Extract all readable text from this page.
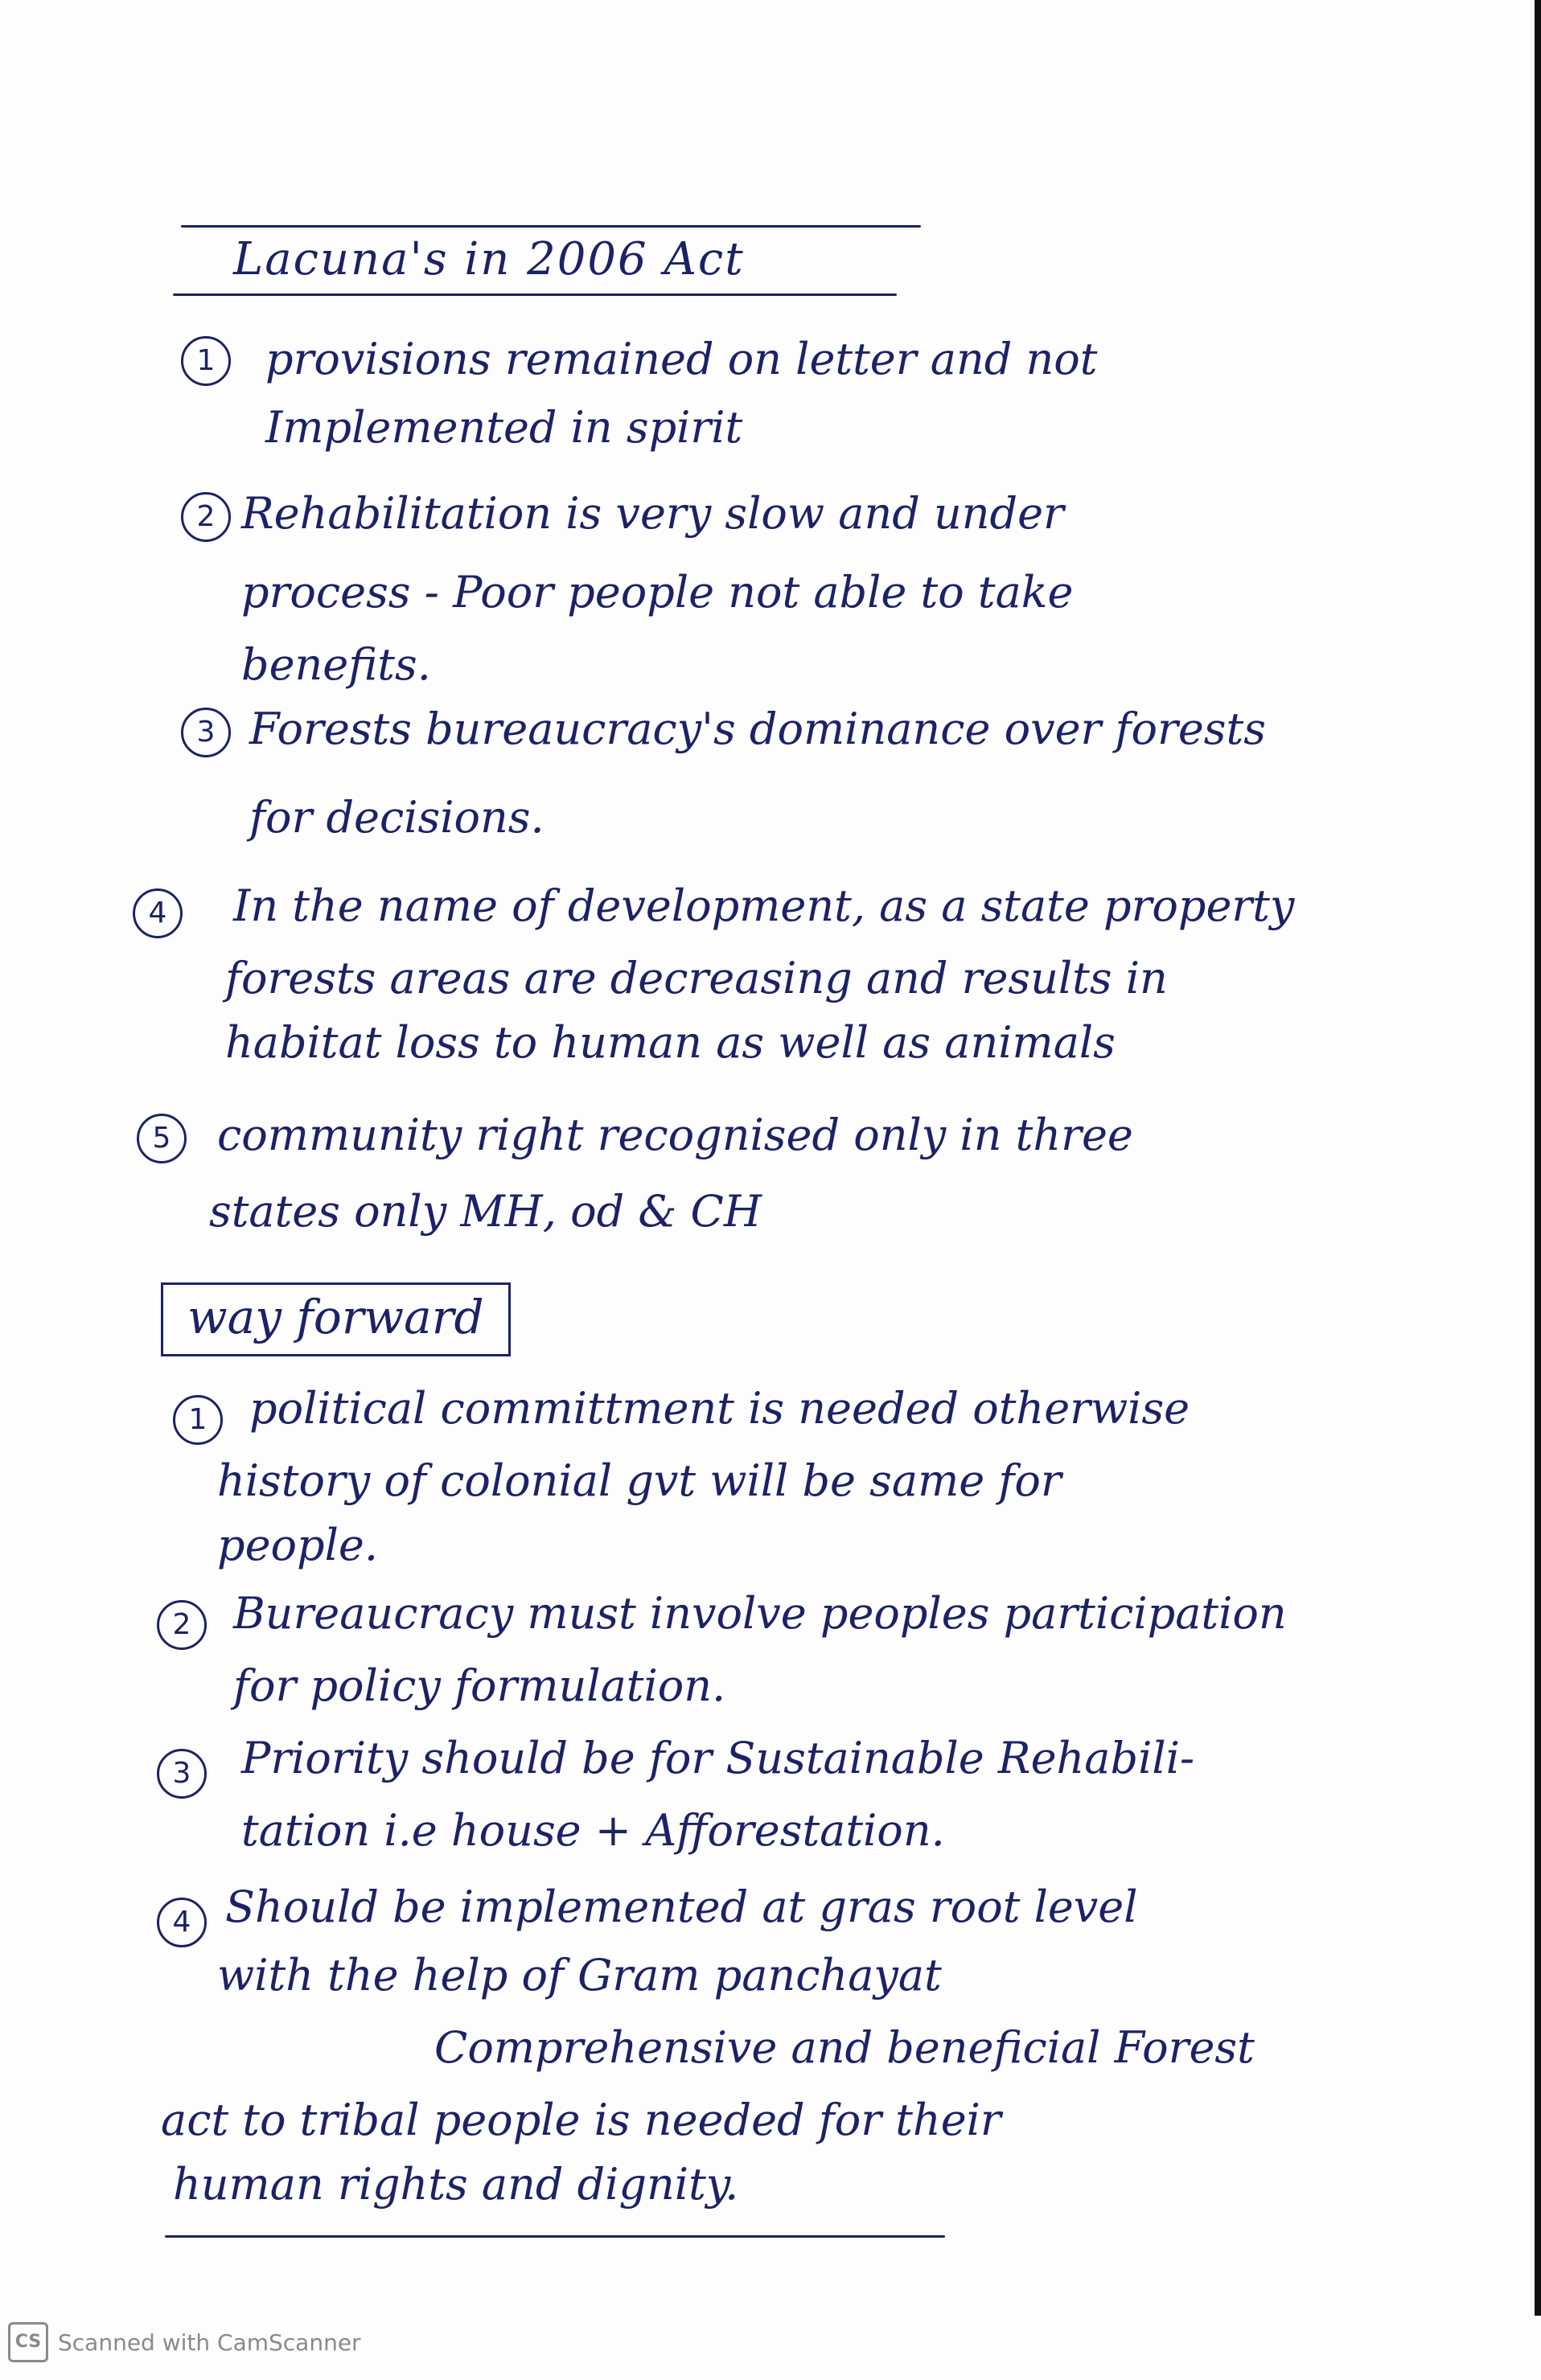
Lacuna's in 2006 Act
1	provisions remained on letter and not
Implemented in spirit
2 Rehabilitation is very slow and under
process - Poor people not able to take
benefits.
3 Forests bureaucracy's dominance over forests
for decisions.
4	In the name of development, as a state property
forests areas are decreasing and results in
habitat loss to human as well as animals
5	community right recognised only in three
states only MH, od & CH
way forward
1 political committment is needed otherwise
history of colonial gvt will be same for
people.
2 Bureaucracy must involve peoples participation
for policy formulation.
3	Priority should be for Sustainable Rehabili-
tation i.e house + Afforestation.
4 Should be implemented at gras root level
with the help of Gram panchayat
Comprehensive and beneficial Forest
act to tribal people is needed for their
human rights and dignity.
CS Scanned with CamScanner
